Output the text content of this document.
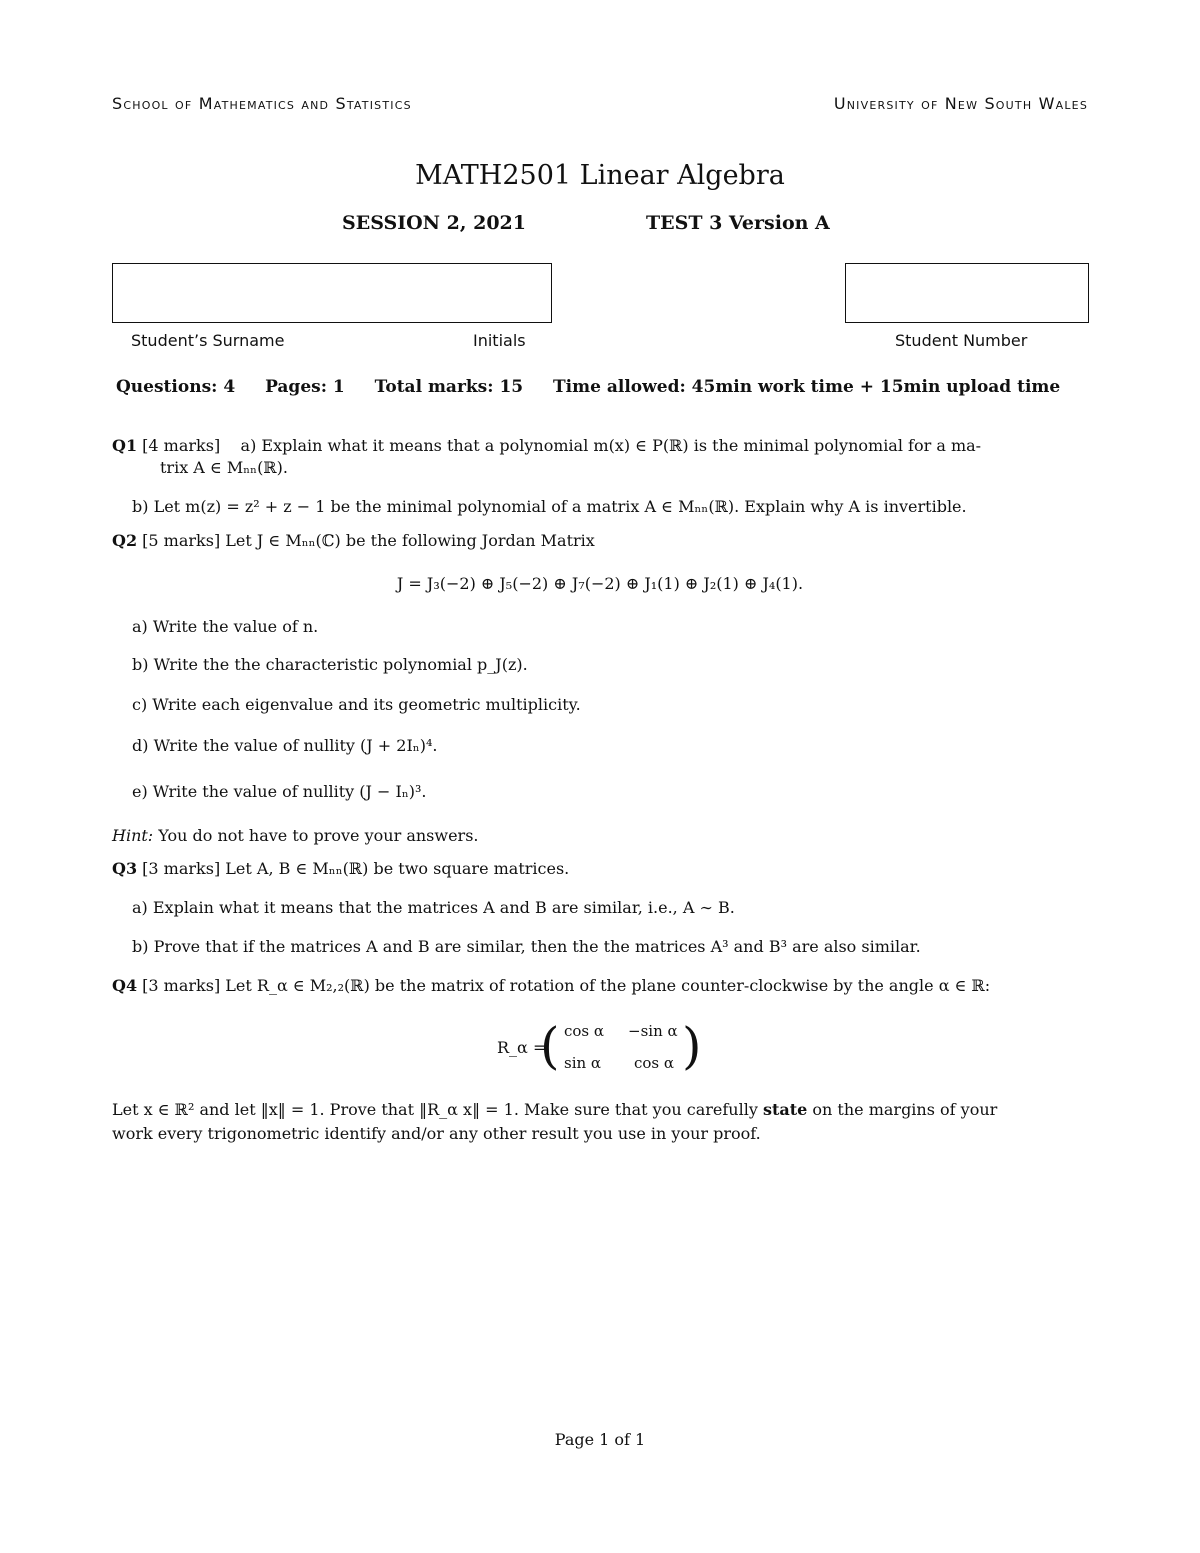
School of Mathematics and Statistics	University of New South Wales
MATH2501 Linear Algebra
SESSION 2, 2021	TEST 3 Version A
Student’s Surname	Initials	Student Number
Questions: 4 Pages: 1 Total marks: 15 Time allowed: 45min work time + 15min upload time
Q1 [4 marks] a) Explain what it means that a polynomial m(x) ∈ P(ℝ) is the minimal polynomial for a ma-
trix A ∈ Mₙₙ(ℝ).
b) Let m(z) = z² + z − 1 be the minimal polynomial of a matrix A ∈ Mₙₙ(ℝ). Explain why A is invertible.
Q2 [5 marks] Let J ∈ Mₙₙ(ℂ) be the following Jordan Matrix
J = J₃(−2) ⊕ J₅(−2) ⊕ J₇(−2) ⊕ J₁(1) ⊕ J₂(1) ⊕ J₄(1).
a) Write the value of n.
b) Write the the characteristic polynomial p_J(z).
c) Write each eigenvalue and its geometric multiplicity.
d) Write the value of nullity (J + 2Iₙ)⁴.
e) Write the value of nullity (J − Iₙ)³.
Hint: You do not have to prove your answers.
Q3 [3 marks] Let A, B ∈ Mₙₙ(ℝ) be two square matrices.
a) Explain what it means that the matrices A and B are similar, i.e., A ∼ B.
b) Prove that if the matrices A and B are similar, then the the matrices A³ and B³ are also similar.
Q4 [3 marks] Let R_α ∈ M₂,₂(ℝ) be the matrix of rotation of the plane counter-clockwise by the angle α ∈ ℝ:
R_α =
( cos α −sin α
sin α cos α )
Let x ∈ ℝ² and let ‖x‖ = 1. Prove that ‖R_α x‖ = 1. Make sure that you carefully state on the margins of your
work every trigonometric identify and/or any other result you use in your proof.
Page 1 of 1
